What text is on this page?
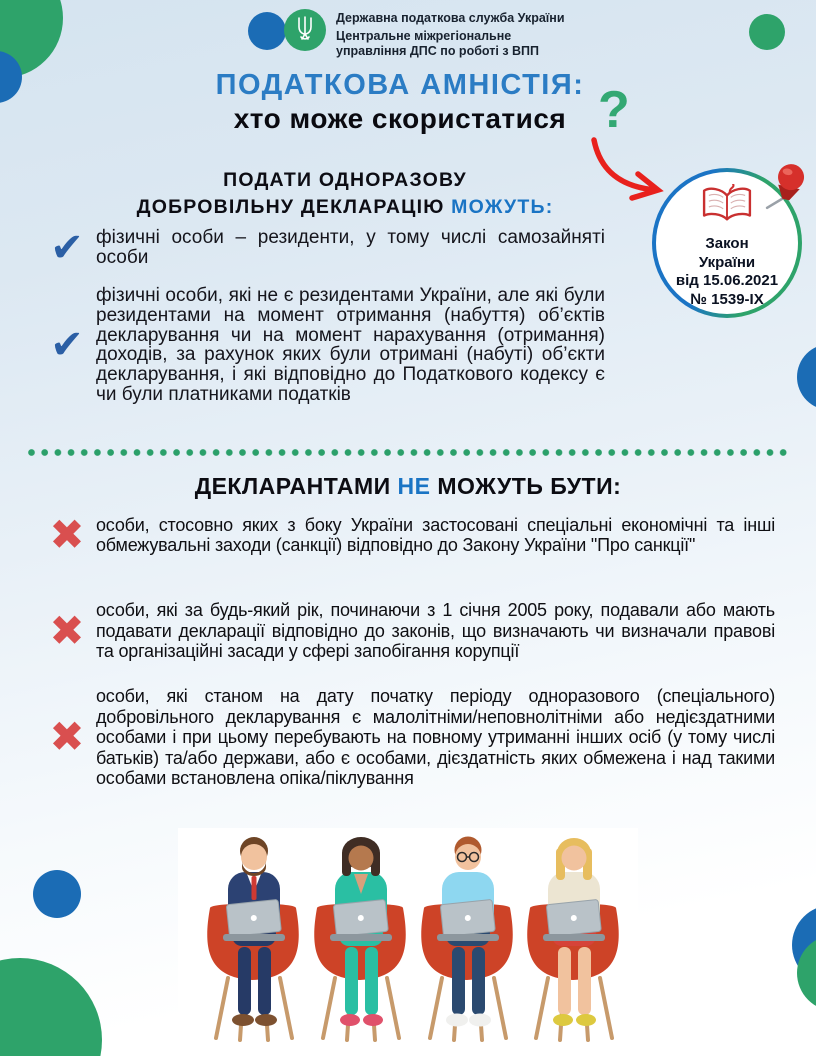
Державна податкова служба України
Центральне міжрегіональне
управління ДПС по роботі з ВПП
ПОДАТКОВА АМНІСТІЯ:
хто може скористатися ?
ПОДАТИ ОДНОРАЗОВУ
ДОБРОВІЛЬНУ ДЕКЛАРАЦІЮ МОЖУТЬ:
Закон
України
від 15.06.2021
№ 1539-IX
✔ фізичні особи – резиденти, у тому числі самозайняті особи

✔

фізичні особи, які не є резидентами України, але які були резидентами на момент отримання (набуття) об’єктів декларування чи на момент нарахування (отримання) доходів, за рахунок яких були отримані (набуті) об’єкти декларування, і які відповідно до Податкового кодексу є чи були платниками податків

ДЕКЛАРАНТАМИ НЕ МОЖУТЬ БУТИ:
✖ особи, стосовно яких з боку України застосовані спеціальні економічні та інші обмежувальні заходи (санкції) відповідно до Закону України "Про санкції"

✖ особи, які за будь-який рік, починаючи з 1 січня 2005 року, подавали або мають подавати декларації відповідно до законів, що визначають чи визначали правові та організаційні засади у сфері запобігання корупції

✖

особи, які станом на дату початку періоду одноразового (спеціального) добровільного декларування є малолітніми/неповнолітніми або недієздатними особами і при цьому перебувають на повному утриманні інших осіб (у тому числі батьків) та/або держави, або є особами, дієздатність яких обмежена і над такими особами встановлена опіка/піклування
